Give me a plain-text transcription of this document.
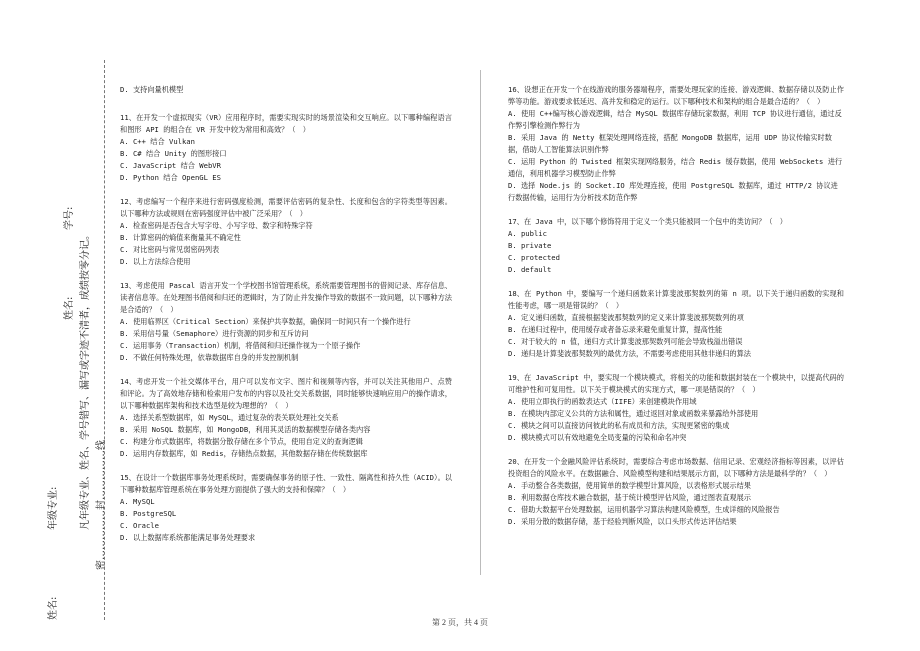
姓名:
年级专业:
姓名:
学号:
凡年级专业、姓名、学号错写、漏写或字迹不清者，成绩按零分记。 密……………封……………线
D. 支持向量机模型
11、在开发一个虚拟现实（VR）应用程序时，需要实现实时的场景渲染和交互响应。以下哪种编程语言和图形 API 的组合在 VR 开发中较为常用和高效？（　）
A. C++ 结合 Vulkan
B. C# 结合 Unity 的图形接口
C. JavaScript 结合 WebVR
D. Python 结合 OpenGL ES
12、考虑编写一个程序来进行密码强度检测，需要评估密码的复杂性、长度和包含的字符类型等因素。以下哪种方法或规则在密码强度评估中被广泛采用？（　）
A. 检查密码是否包含大写字母、小写字母、数字和特殊字符
B. 计算密码的熵值来衡量其不确定性
C. 对比密码与常见弱密码列表
D. 以上方法综合使用
13、考虑使用 Pascal 语言开发一个学校图书馆管理系统，系统需要管理图书的借阅记录、库存信息、读者信息等。在处理图书借阅和归还的逻辑时，为了防止并发操作导致的数据不一致问题，以下哪种方法是合适的？（　）
A. 使用临界区（Critical Section）来保护共享数据，确保同一时间只有一个操作进行
B. 采用信号量（Semaphore）进行资源的同步和互斥访问
C. 运用事务（Transaction）机制，将借阅和归还操作视为一个原子操作
D. 不做任何特殊处理，依靠数据库自身的并发控制机制
14、考虑开发一个社交媒体平台，用户可以发布文字、图片和视频等内容，并可以关注其他用户、点赞和评论。为了高效地存储和检索用户发布的内容以及社交关系数据，同时能够快速响应用户的操作请求，以下哪种数据库架构和技术选型是较为理想的？（　）
A. 选择关系型数据库，如 MySQL，通过复杂的表关联处理社交关系
B. 采用 NoSQL 数据库，如 MongoDB，利用其灵活的数据模型存储各类内容
C. 构建分布式数据库，将数据分散存储在多个节点，使用自定义的查询逻辑
D. 运用内存数据库，如 Redis，存储热点数据，其他数据存储在传统数据库
15、在设计一个数据库事务处理系统时，需要确保事务的原子性、一致性、隔离性和持久性（ACID）。以下哪种数据库管理系统在事务处理方面提供了强大的支持和保障？（　）
A. MySQL
B. PostgreSQL
C. Oracle
D. 以上数据库系统都能满足事务处理要求
16、设想正在开发一个在线游戏的服务器端程序，需要处理玩家的连接、游戏逻辑、数据存储以及防止作弊等功能。游戏要求低延迟、高并发和稳定的运行。以下哪种技术和架构的组合是最合适的？（　）
A. 使用 C++编写核心游戏逻辑，结合 MySQL 数据库存储玩家数据，利用 TCP 协议进行通信，通过反作弊引擎检测作弊行为
B. 采用 Java 的 Netty 框架处理网络连接，搭配 MongoDB 数据库，运用 UDP 协议传输实时数据，借助人工智能算法识别作弊
C. 运用 Python 的 Twisted 框架实现网络服务，结合 Redis 缓存数据，使用 WebSockets 进行通信，利用机器学习模型防止作弊
D. 选择 Node.js 的 Socket.IO 库处理连接，使用 PostgreSQL 数据库，通过 HTTP/2 协议进行数据传输，运用行为分析技术防范作弊
17、在 Java 中，以下哪个修饰符用于定义一个类只能被同一个包中的类访问？（　）
A. public
B. private
C. protected
D. default
18、在 Python 中，要编写一个递归函数来计算斐波那契数列的第 n 项。以下关于递归函数的实现和性能考虑，哪一项是错误的？（　）
A. 定义递归函数，直接根据斐波那契数列的定义来计算斐波那契数列的项
B. 在递归过程中，使用缓存或者备忘录来避免重复计算，提高性能
C. 对于较大的 n 值，递归方式计算斐波那契数列可能会导致栈溢出错误
D. 递归是计算斐波那契数列的最优方法，不需要考虑使用其他非递归的算法
19、在 JavaScript 中，要实现一个模块模式，将相关的功能和数据封装在一个模块中，以提高代码的可维护性和可复用性。以下关于模块模式的实现方式，哪一项是错误的？（　）
A. 使用立即执行的函数表达式（IIFE）来创建模块作用域
B. 在模块内部定义公共的方法和属性，通过返回对象或函数来暴露给外部使用
C. 模块之间可以直接访问彼此的私有成员和方法，实现更紧密的集成
D. 模块模式可以有效地避免全局变量的污染和命名冲突
20、在开发一个金融风险评估系统时，需要综合考虑市场数据、信用记录、宏观经济指标等因素，以评估投资组合的风险水平。在数据融合、风险模型构建和结果展示方面，以下哪种方法是最科学的？（　）
A. 手动整合各类数据，使用简单的数学模型计算风险，以表格形式展示结果
B. 利用数据仓库技术融合数据，基于统计模型评估风险，通过图表直观展示
C. 借助大数据平台处理数据，运用机器学习算法构建风险模型，生成详细的风险报告
D. 采用分散的数据存储，基于经验判断风险，以口头形式传达评估结果
第 2 页，共 4 页
